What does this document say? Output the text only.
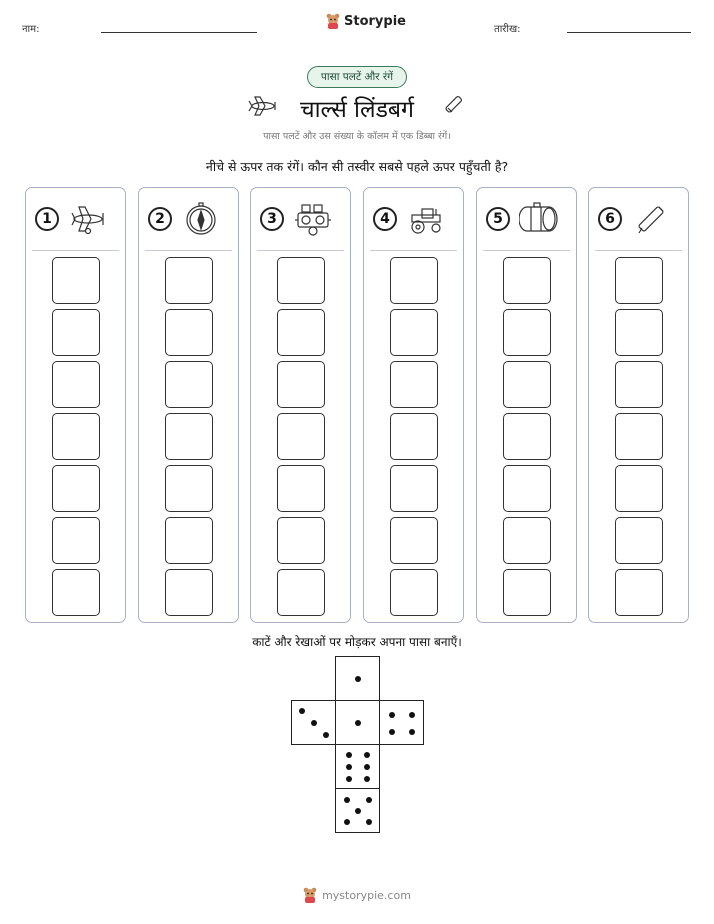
नाम:
Storypie
तारीख:
पासा पलटें और रंगें
चार्ल्स लिंडबर्ग
पासा पलटें और उस संख्या के कॉलम में एक डिब्बा रंगें।
नीचे से ऊपर तक रंगें। कौन सी तस्वीर सबसे पहले ऊपर पहुँचती है?
1	2	3	4	5	6
काटें और रेखाओं पर मोड़कर अपना पासा बनाएँ।
mystorypie.com
